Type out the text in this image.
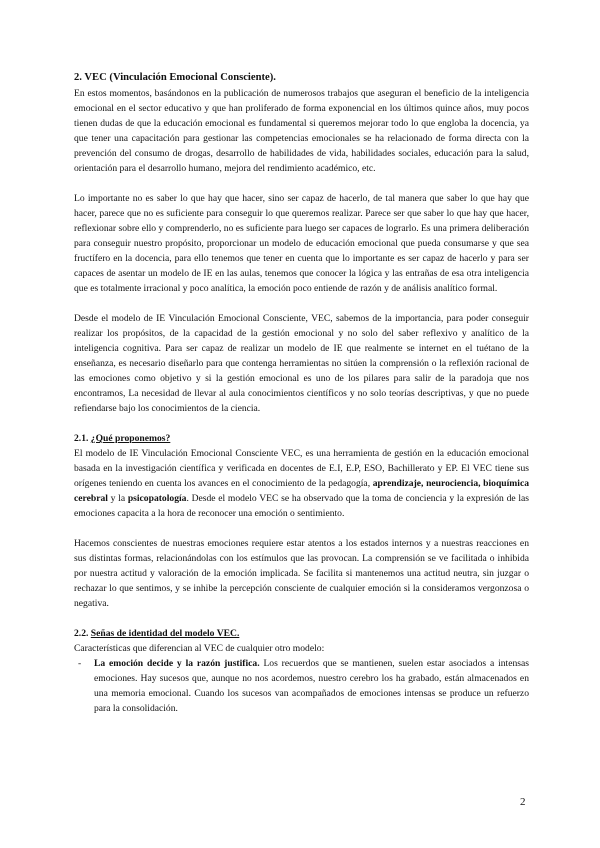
2. VEC (Vinculación Emocional Consciente).

En estos momentos, basándonos en la publicación de numerosos trabajos que aseguran el beneficio de la inteligencia emocional en el sector educativo y que han proliferado de forma exponencial en los últimos quince años, muy pocos tienen dudas de que la educación emocional es fundamental si queremos mejorar todo lo que engloba la docencia, ya que tener una capacitación para gestionar las competencias emocionales se ha relacionado de forma directa con la prevención del consumo de drogas, desarrollo de habilidades de vida, habilidades sociales, educación para la salud, orientación para el desarrollo humano, mejora del rendimiento académico, etc.

Lo importante no es saber lo que hay que hacer, sino ser capaz de hacerlo, de tal manera que saber lo que hay que hacer, parece que no es suficiente para conseguir lo que queremos realizar. Parece ser que saber lo que hay que hacer, reflexionar sobre ello y comprenderlo, no es suficiente para luego ser capaces de lograrlo. Es una primera deliberación para conseguir nuestro propósito, proporcionar un modelo de educación emocional que pueda consumarse y que sea fructífero en la docencia, para ello tenemos que tener en cuenta que lo importante es ser capaz de hacerlo y para ser capaces de asentar un modelo de IE en las aulas, tenemos que conocer la lógica y las entrañas de esa otra inteligencia que es totalmente irracional y poco analítica, la emoción poco entiende de razón y de análisis analítico formal.

Desde el modelo de IE Vinculación Emocional Consciente, VEC, sabemos de la importancia, para poder conseguir realizar los propósitos, de la capacidad de la gestión emocional y no solo del saber reflexivo y analítico de la inteligencia cognitiva. Para ser capaz de realizar un modelo de IE que realmente se internet en el tuétano de la enseñanza, es necesario diseñarlo para que contenga herramientas no sitúen la comprensión o la reflexión racional de las emociones como objetivo y si la gestión emocional es uno de los pilares para salir de la paradoja que nos encontramos, La necesidad de llevar al aula conocimientos científicos y no solo teorías descriptivas, y que no puede refiendarse bajo los conocimientos de la ciencia.

2.1. ¿Qué proponemos?

El modelo de IE Vinculación Emocional Consciente VEC, es una herramienta de gestión en la educación emocional basada en la investigación científica y verificada en docentes de E.I, E.P, ESO, Bachillerato y EP. El VEC tiene sus orígenes teniendo en cuenta los avances en el conocimiento de la pedagogía, aprendizaje, neurociencia, bioquímica cerebral y la psicopatología. Desde el modelo VEC se ha observado que la toma de conciencia y la expresión de las emociones capacita a la hora de reconocer una emoción o sentimiento.

Hacemos conscientes de nuestras emociones requiere estar atentos a los estados internos y a nuestras reacciones en sus distintas formas, relacionándolas con los estímulos que las provocan. La comprensión se ve facilitada o inhibida por nuestra actitud y valoración de la emoción implicada. Se facilita si mantenemos una actitud neutra, sin juzgar o rechazar lo que sentimos, y se inhibe la percepción consciente de cualquier emoción si la consideramos vergonzosa o negativa.

2.2. Señas de identidad del modelo VEC.

Características que diferencian al VEC de cualquier otro modelo:

- La emoción decide y la razón justifica. Los recuerdos que se mantienen, suelen estar asociados a intensas emociones. Hay sucesos que, aunque no nos acordemos, nuestro cerebro los ha grabado, están almacenados en una memoria emocional. Cuando los sucesos van acompañados de emociones intensas se produce un refuerzo para la consolidación.
2
